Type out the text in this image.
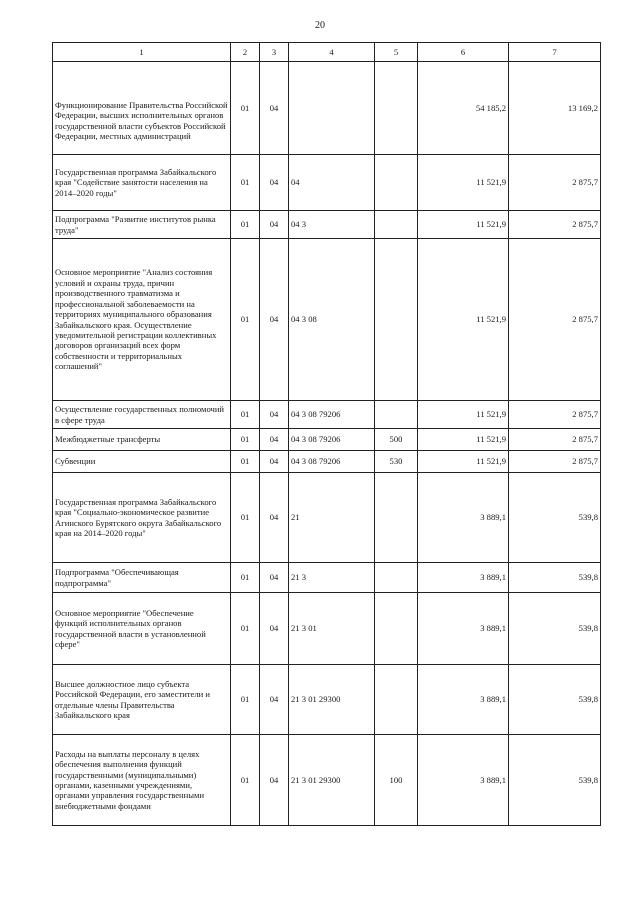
20
1	2	3	4	5	6	7
Функционирование Правительства Российской Федерации, высших исполнительных органов государственной власти субъектов Российской Федерации, местных администраций	01	04			54 185,2	13 169,2
Государственная программа Забайкальского края "Содействие занятости населения на 2014–2020 годы"	01	04	04		11 521,9	2 875,7
Подпрограмма "Развитие институтов рынка труда"	01	04	04 3		11 521,9	2 875,7
Основное мероприятие "Анализ состояния условий и охраны труда, причин производственного травматизма и профессиональной заболеваемости на территориях муниципального образования Забайкальского края. Осуществление уведомительной регистрации коллективных договоров организаций всех форм собственности и территориальных соглашений"	01	04	04 3 08		11 521,9	2 875,7
Осуществление государственных полномочий в сфере труда	01	04	04 3 08 79206		11 521,9	2 875,7
Межбюджетные трансферты	01	04	04 3 08 79206	500	11 521,9	2 875,7
Субвенции	01	04	04 3 08 79206	530	11 521,9	2 875,7
Государственная программа Забайкальского края "Социально-экономическое развитие Агинского Бурятского округа Забайкальского края на 2014–2020 годы"	01	04	21		3 889,1	539,8
Подпрограмма "Обеспечивающая подпрограмма"	01	04	21 3		3 889,1	539,8
Основное мероприятие "Обеспечение функций исполнительных органов государственной власти в установленной сфере"	01	04	21 3 01		3 889,1	539,8
Высшее должностное лицо субъекта Российской Федерации, его заместители и отдельные члены Правительства Забайкальского края	01	04	21 3 01 29300		3 889,1	539,8
Расходы на выплаты персоналу в целях обеспечения выполнения функций государственными (муниципальными) органами, казенными учреждениями, органами управления государственными внебюджетными фондами	01	04	21 3 01 29300	100	3 889,1	539,8
